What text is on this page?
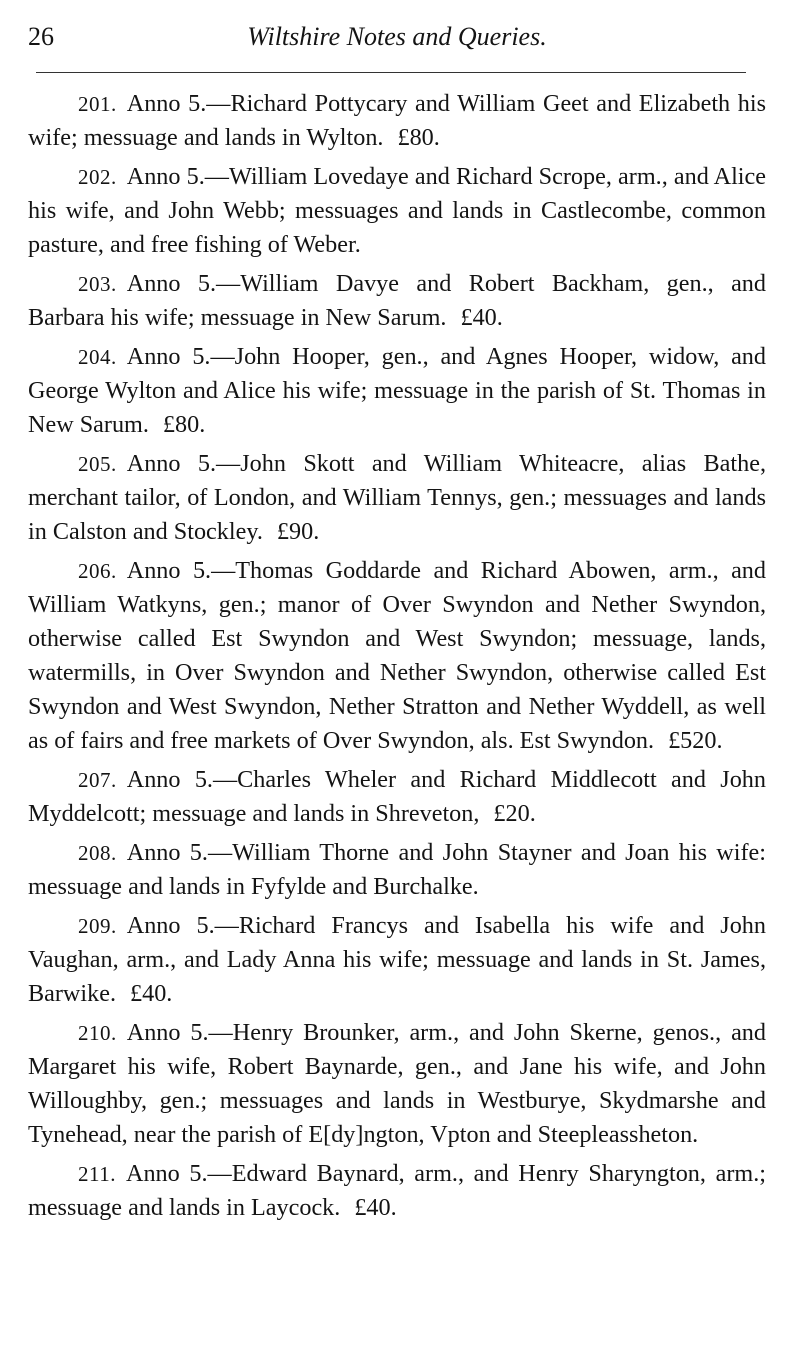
26	Wiltshire Notes and Queries.

201. Anno 5.—Richard Pottycary and William Geet and Elizabeth his wife; messuage and lands in Wylton. £80.

202. Anno 5.—William Lovedaye and Richard Scrope, arm., and Alice his wife, and John Webb; messuages and lands in Castlecombe, common pasture, and free fishing of Weber.

203. Anno 5.—William Davye and Robert Backham, gen., and Barbara his wife; messuage in New Sarum. £40.

204. Anno 5.—John Hooper, gen., and Agnes Hooper, widow, and George Wylton and Alice his wife; messuage in the parish of St. Thomas in New Sarum. £80.

205. Anno 5.—John Skott and William Whiteacre, alias Bathe, merchant tailor, of London, and William Tennys, gen.; messuages and lands in Calston and Stockley. £90.

206. Anno 5.—Thomas Goddarde and Richard Abowen, arm., and William Watkyns, gen.; manor of Over Swyndon and Nether Swyndon, otherwise called Est Swyndon and West Swyndon; messuage, lands, watermills, in Over Swyndon and Nether Swyndon, otherwise called Est Swyndon and West Swyndon, Nether Stratton and Nether Wyddell, as well as of fairs and free markets of Over Swyndon, als. Est Swyndon. £520.

207. Anno 5.—Charles Wheler and Richard Middlecott and John Myddelcott; messuage and lands in Shreveton, £20.

208. Anno 5.—William Thorne and John Stayner and Joan his wife: messuage and lands in Fyfylde and Burchalke.

209. Anno 5.—Richard Francys and Isabella his wife and John Vaughan, arm., and Lady Anna his wife; messuage and lands in St. James, Barwike. £40.

210. Anno 5.—Henry Brounker, arm., and John Skerne, genos., and Margaret his wife, Robert Baynarde, gen., and Jane his wife, and John Willoughby, gen.; messuages and lands in Westburye, Skydmarshe and Tynehead, near the parish of E[dy]ngton, Vpton and Steepleassheton.

211. Anno 5.—Edward Baynard, arm., and Henry Sharyngton, arm.; messuage and lands in Laycock. £40.
